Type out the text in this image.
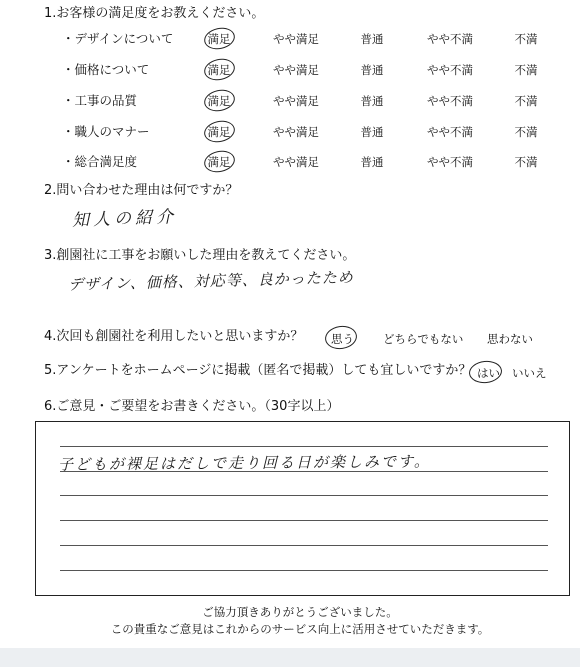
1.お客様の満足度をお教えください。
・デザインについて	満足	やや満足	普通	やや不満	不満
・価格について	満足	やや満足	普通	やや不満	不満
・工事の品質	満足	やや満足	普通	やや不満	不満
・職人のマナー	満足	やや満足	普通	やや不満	不満
・総合満足度	満足	やや満足	普通	やや不満	不満
2.問い合わせた理由は何ですか？
知人の紹介
3.創園社に工事をお願いした理由を教えてください。
デザイン、価格、対応等、良かったため
4.次回も創園社を利用したいと思いますか？ 思う	どちらでもない 思わない
5.アンケートをホームページに掲載（匿名で掲載）しても宜しいですか？ はい いいえ
6.ご意見・ご要望をお書きください。（30字以上）
子どもが裸足はだしで走り回る日が楽しみです。
ご協力頂きありがとうございました。
この貴重なご意見はこれからのサービス向上に活用させていただきます。
